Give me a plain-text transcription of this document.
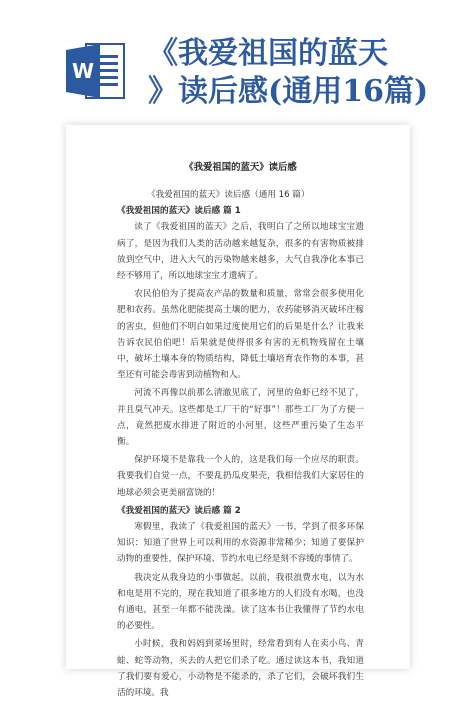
W 《我爱祖国的蓝天
》读后感(通用16篇)
《我爱祖国的蓝天》读后感
《我爱祖国的蓝天》读后感（通用 16 篇）
《我爱祖国的蓝天》读后感 篇 1

读了《我爱祖国的蓝天》之后，我明白了之所以地球宝宝遗病了，是因为我们人类的活动越来越复杂，很多的有害物质被排放到空气中，进入大气的污染物越来越多，大气自我净化本事已经不够用了，所以地球宝宝才遗病了。

农民伯伯为了提高农产品的数量和质量，常常会很多使用化肥和农药。虽然化肥能提高土壤的肥力，农药能够消灭破坏庄稼的害虫，但他们不明白如果过度使用它们的后果是什么？让我来告诉农民伯伯吧！后果就是使得很多有害的无机物残留在土壤中，破坏土壤本身的物质结构，降低土壤培育农作物的本事，甚至还有可能会毒害到动植物和人。

河流不再像以前那么清澈见底了，河里的鱼虾已经不见了，并且臭气冲天。这些都是工厂干的“好事”！那些工厂为了方便一点，竟然把废水排进了附近的小河里，这些严重污染了生态平衡。

保护环境不是靠我一个人的，这是我们每一个应尽的职责。我要我们自觉一点，不要乱扔瓜皮果壳，我相信我们大家居住的地球必须会更美丽富饶的！

《我爱祖国的蓝天》读后感 篇 2

寒假里，我读了《我爱祖国的蓝天》一书，学到了很多环保知识：知道了世界上可以利用的水资源非常稀少；知道了要保护动物的重要性，保护环境、节约水电已经是刻不容缓的事情了。

我决定从我身边的小事做起。以前，我很浪费水电，以为水和电是用不完的，现在我知道了很多地方的人们没有水喝，也没有通电，甚至一年都不能洗澡。读了这本书让我懂得了节约水电的必要性。

小时候，我和妈妈到菜场里时，经常看到有人在卖小鸟、青蛙、蛇等动物，买去的人把它们杀了吃。通过读这本书，我知道了我们要有爱心，小动物是不能杀的，杀了它们，会破坏我们生活的环境。我
